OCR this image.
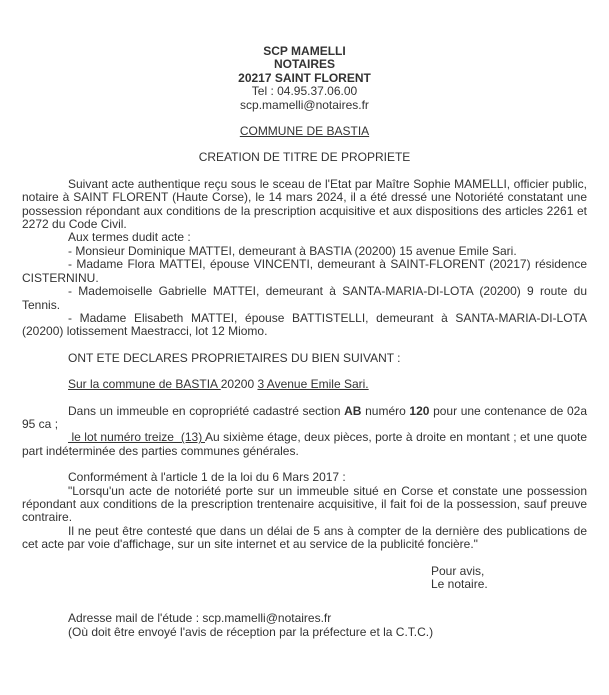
SCP MAMELLI

NOTAIRES

20217 SAINT FLORENT

Tel : 04.95.37.06.00

scp.mamelli@notaires.fr

COMMUNE DE BASTIA

CREATION DE TITRE DE PROPRIETE

Suivant acte authentique reçu sous le sceau de l'Etat par Maître Sophie MAMELLI, officier public, notaire à SAINT FLORENT (Haute Corse), le 14 mars 2024, il a été dressé une Notoriété constatant une possession répondant aux conditions de la prescription acquisitive et aux dispositions des articles 2261 et 2272 du Code Civil.

Aux termes dudit acte :

- Monsieur Dominique MATTEI, demeurant à BASTIA (20200) 15 avenue Emile Sari.

- Madame Flora MATTEI, épouse VINCENTI, demeurant à SAINT-FLORENT (20217) résidence CISTERNINU.

- Mademoiselle Gabrielle MATTEI, demeurant à SANTA-MARIA-DI-LOTA (20200) 9 route du Tennis.

- Madame Elisabeth MATTEI, épouse BATTISTELLI, demeurant à SANTA-MARIA-DI-LOTA (20200) lotissement Maestracci, lot 12 Miomo.

ONT ETE DECLARES PROPRIETAIRES DU BIEN SUIVANT :

Sur la commune de BASTIA 20200 3 Avenue Emile Sari.

Dans un immeuble en copropriété cadastré section AB numéro 120 pour une contenance de 02a 95 ca ;

le lot numéro treize  (13) Au sixième étage, deux pièces, porte à droite en montant ; et une quote part indéterminée des parties communes générales.

Conformément à l'article 1 de la loi du 6 Mars 2017 :

"Lorsqu'un acte de notoriété porte sur un immeuble situé en Corse et constate une possession répondant aux conditions de la prescription trentenaire acquisitive, il fait foi de la possession, sauf preuve contraire.

Il ne peut être contesté que dans un délai de 5 ans à compter de la dernière des publications de cet acte par voie d'affichage, sur un site internet et au service de la publicité foncière."

Pour avis,

Le notaire.

Adresse mail de l'étude : scp.mamelli@notaires.fr

(Où doit être envoyé l'avis de réception par la préfecture et la C.T.C.)
